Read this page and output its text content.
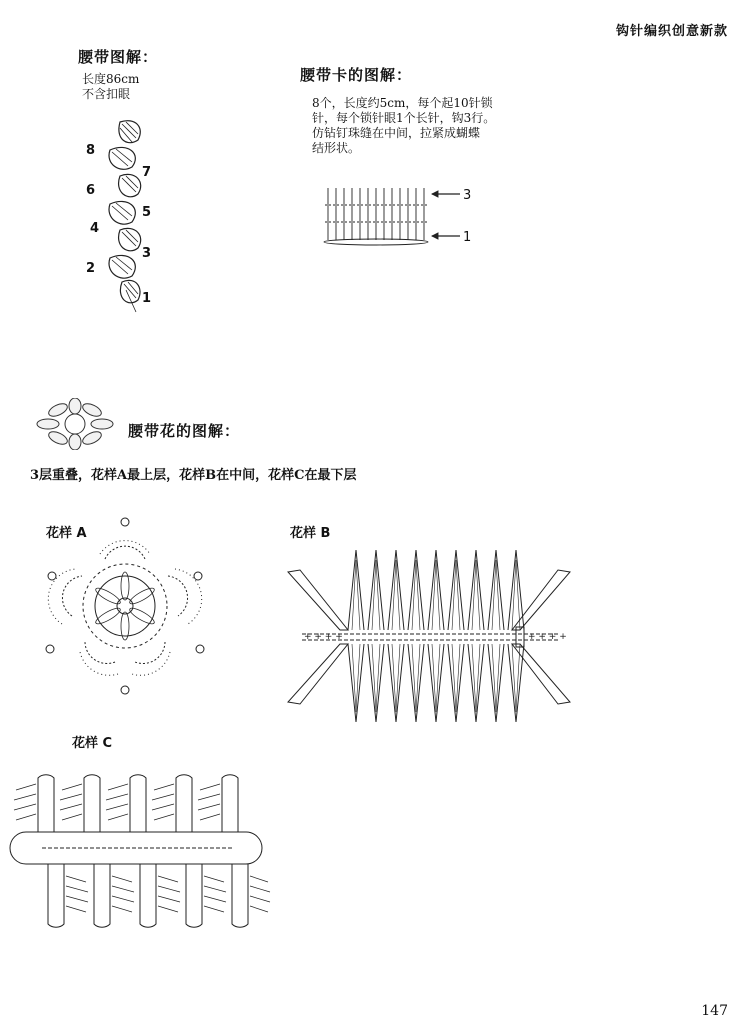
钩针编织创意新款
腰带图解：
长度86cm
不含扣眼
8
7
6
5
4
3
2
1
腰带卡的图解：
8个，长度约5cm，每个起10针锁
针，每个锁针眼1个长针，钩3行。
仿钻钉珠缝在中间，拉紧成蝴蝶
结形状。
3
1
腰带花的图解：
3层重叠，花样A最上层，花样B在中间，花样C在最下层
花样 A	花样 B
+ + + +	+ + + +
花样 C
147
